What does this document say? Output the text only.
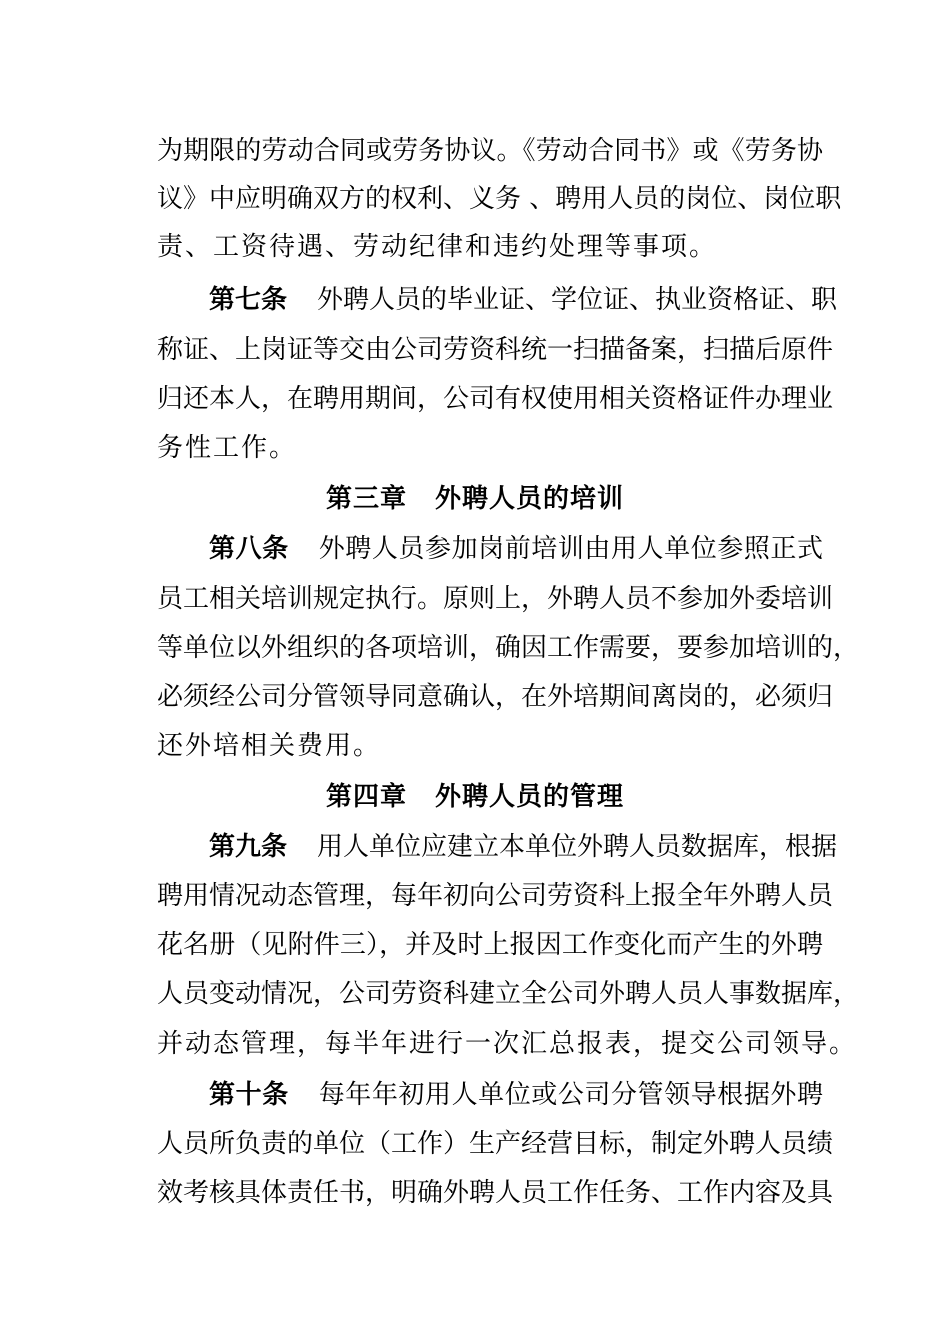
为期限的劳动合同或劳务协议。《劳动合同书》或《劳务协
议》中应明确双方的权利、义务 、聘用人员的岗位、岗位职
责、工资待遇、劳动纪律和违约处理等事项。
第七条 外聘人员的毕业证、学位证、执业资格证、职
称证、上岗证等交由公司劳资科统一扫描备案，扫描后原件
归还本人，在聘用期间，公司有权使用相关资格证件办理业
务性工作。
第三章 外聘人员的培训
第八条 外聘人员参加岗前培训由用人单位参照正式
员工相关培训规定执行。原则上，外聘人员不参加外委培训
等单位以外组织的各项培训，确因工作需要，要参加培训的，
必须经公司分管领导同意确认，在外培期间离岗的，必须归
还外培相关费用。
第四章 外聘人员的管理
第九条 用人单位应建立本单位外聘人员数据库，根据
聘用情况动态管理，每年初向公司劳资科上报全年外聘人员
花名册（见附件三），并及时上报因工作变化而产生的外聘
人员变动情况，公司劳资科建立全公司外聘人员人事数据库，
并动态管理，每半年进行一次汇总报表，提交公司领导。
第十条 每年年初用人单位或公司分管领导根据外聘
人员所负责的单位（工作）生产经营目标，制定外聘人员绩
效考核具体责任书，明确外聘人员工作任务、工作内容及具
